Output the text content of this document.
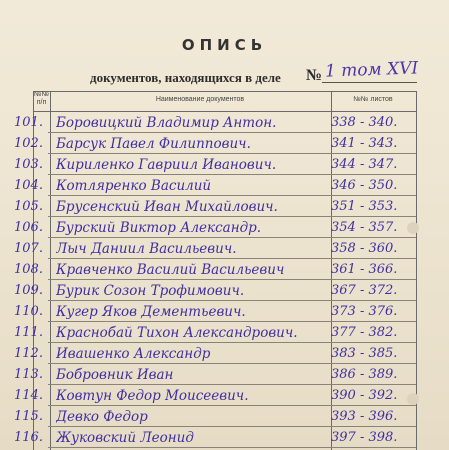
ОПИСЬ
документов, находящихся в деле № 1 том XVI
№№ п/п	Наименование документов	№№ листов
101. Боровицкий Владимир Антон.	338 - 340.
102. Барсук Павел Филиппович.	341 - 343.
103. Кириленко Гавриил Иванович.	344 - 347.
104. Котляренко Василий	346 - 350.
105. Брусенский Иван Михайлович.	351 - 353.
106. Бурский Виктор Александр.	354 - 357.
107. Лыч Даниил Васильевич.	358 - 360.
108. Кравченко Василий Васильевич	361 - 366.
109. Бурик Созон Трофимович.	367 - 372.
110. Кугер Яков Дементьевич.	373 - 376.
111. Краснобай Тихон Александрович.	377 - 382.
112. Ивашенко Александр	383 - 385.
113. Бобровник Иван	386 - 389.
114. Ковтун Федор Моисеевич.	390 - 392.
115. Девко Федор	393 - 396.
116. Жуковский Леонид	397 - 398.
